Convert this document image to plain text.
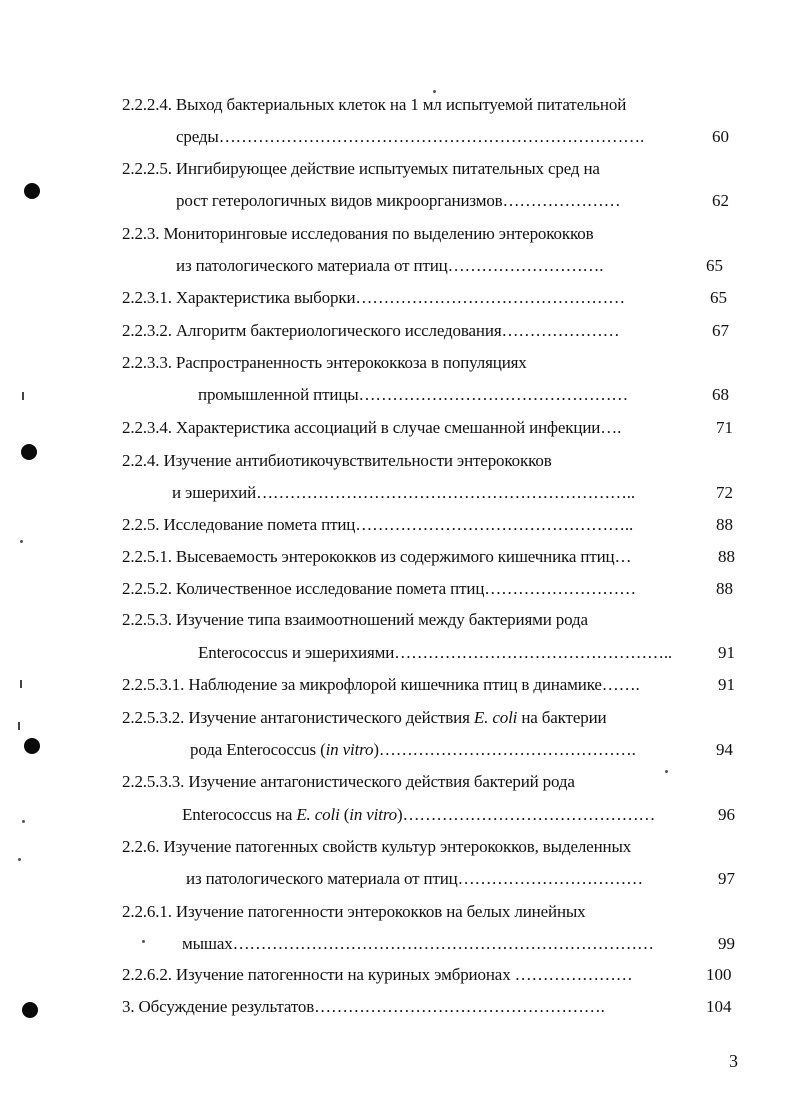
2.2.2.4. Выход бактериальных клеток на 1 мл испытуемой питательной
среды………………………………………………………………….	60
2.2.2.5. Ингибирующее действие испытуемых питательных сред на
рост гетерологичных видов микроорганизмов…………………	62
2.2.3. Мониторинговые исследования по выделению энтерококков
из патологического материала от птиц……………………….	65
2.2.3.1. Характеристика выборки…………………………………………	65
2.2.3.2. Алгоритм бактериологического исследования…………………	67
2.2.3.3. Распространенность энтерококкоза в популяциях
промышленной птицы…………………………………………	68
2.2.3.4. Характеристика ассоциаций в случае смешанной инфекции….	71
2.2.4. Изучение антибиотикочувствительности энтерококков
и эшерихий…………………………………………………………..	72
2.2.5. Исследование помета птиц…………………………………………..	88
2.2.5.1. Высеваемость энтерококков из содержимого кишечника птиц…	88
2.2.5.2. Количественное исследование помета птиц………………………	88
2.2.5.3. Изучение типа взаимоотношений между бактериями рода
Enterococcus и эшерихиями…………………………………………..	91
2.2.5.3.1. Наблюдение за микрофлорой кишечника птиц в динамике…….	91
2.2.5.3.2. Изучение антагонистического действия E. coli на бактерии
рода Enterococcus (in vitro)……………………………………….	94
2.2.5.3.3. Изучение антагонистического действия бактерий рода
Enterococcus на E. coli (in vitro)………………………………………	96
2.2.6. Изучение патогенных свойств культур энтерококков, выделенных
из патологического материала от птиц……………………………	97
2.2.6.1. Изучение патогенности энтерококков на белых линейных
мышах…………………………………………………………………	99
2.2.6.2. Изучение патогенности на куриных эмбрионах …………………	100
3. Обсуждение результатов…………………………………………….	104
3
